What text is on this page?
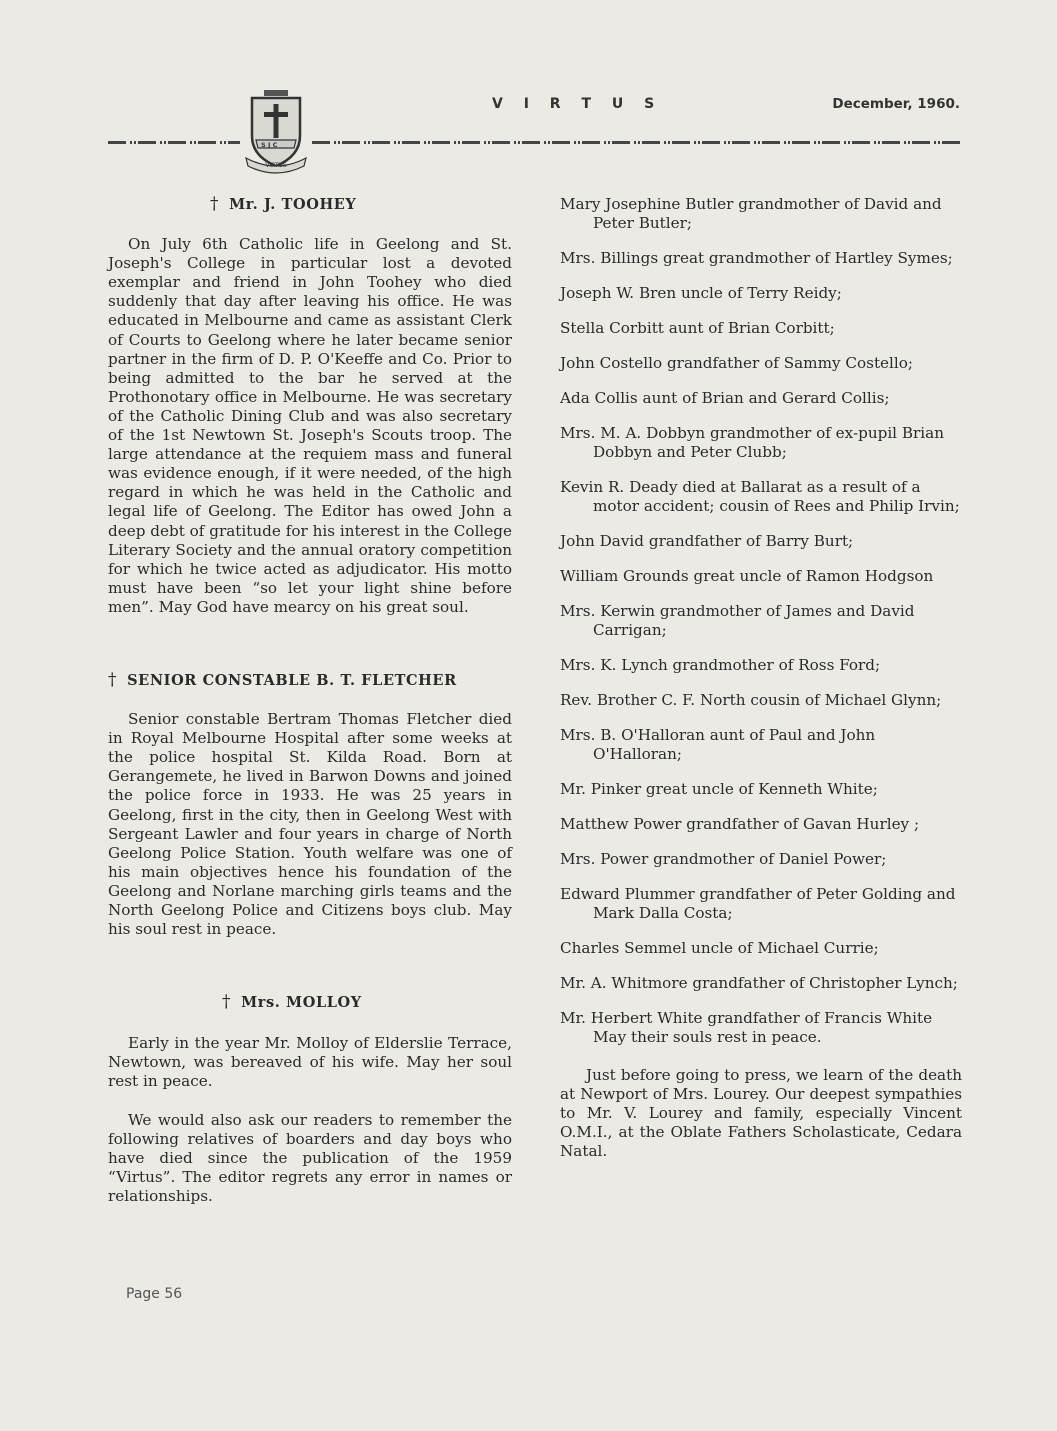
S J C
VIRTUS
V I R T U S	December, 1960.
† Mr. J. TOOHEY

On July 6th Catholic life in Geelong and St. Joseph's College in particular lost a devoted exemplar and friend in John Toohey who died suddenly that day after leaving his office. He was educated in Melbourne and came as assistant Clerk of Courts to Geelong where he later became senior partner in the firm of D. P. O'Keeffe and Co. Prior to being admitted to the bar he served at the Prothonotary office in Melbourne. He was secretary of the Catholic Dining Club and was also secretary of the 1st Newtown St. Joseph's Scouts troop. The large attendance at the requiem mass and funeral was evidence enough, if it were needed, of the high regard in which he was held in the Catholic and legal life of Geelong. The Editor has owed John a deep debt of gratitude for his interest in the College Literary Society and the annual oratory competition for which he twice acted as adjudicator. His motto must have been “so let your light shine before men”. May God have mearcy on his great soul.

† SENIOR CONSTABLE B. T. FLETCHER

Senior constable Bertram Thomas Fletcher died in Royal Melbourne Hospital after some weeks at the police hospital St. Kilda Road. Born at Gerangemete, he lived in Barwon Downs and joined the police force in 1933. He was 25 years in Geelong, first in the city, then in Geelong West with Sergeant Lawler and four years in charge of North Geelong Police Station. Youth welfare was one of his main objectives hence his foundation of the Geelong and Norlane marching girls teams and the North Geelong Police and Citizens boys club. May his soul rest in peace.

† Mrs. MOLLOY

Early in the year Mr. Molloy of Elderslie Terrace, Newtown, was bereaved of his wife. May her soul rest in peace.

We would also ask our readers to remember the following relatives of boarders and day boys who have died since the publication of the 1959 “Virtus”. The editor regrets any error in names or relationships.

Mary Josephine Butler grandmother of David and Peter Butler;

Mrs. Billings great grandmother of Hartley Symes;

Joseph W. Bren uncle of Terry Reidy;

Stella Corbitt aunt of Brian Corbitt;

John Costello grandfather of Sammy Costello;

Ada Collis aunt of Brian and Gerard Collis;

Mrs. M. A. Dobbyn grandmother of ex-pupil Brian Dobbyn and Peter Clubb;

Kevin R. Deady died at Ballarat as a result of a motor accident; cousin of Rees and Philip Irvin;

John David grandfather of Barry Burt;

William Grounds great uncle of Ramon Hodgson

Mrs. Kerwin grandmother of James and David Carrigan;

Mrs. K. Lynch grandmother of Ross Ford;

Rev. Brother C. F. North cousin of Michael Glynn;

Mrs. B. O'Halloran aunt of Paul and John O'Halloran;

Mr. Pinker great uncle of Kenneth White;

Matthew Power grandfather of Gavan Hurley ;

Mrs. Power grandmother of Daniel Power;

Edward Plummer grandfather of Peter Golding and Mark Dalla Costa;

Charles Semmel uncle of Michael Currie;

Mr. A. Whitmore grandfather of Christopher Lynch;

Mr. Herbert White grandfather of Francis White May their souls rest in peace.

Just before going to press, we learn of the death at Newport of Mrs. Lourey. Our deepest sympathies to Mr. V. Lourey and family, especially Vincent O.M.I., at the Oblate Fathers Scholasticate, Cedara Natal.

Page 56
